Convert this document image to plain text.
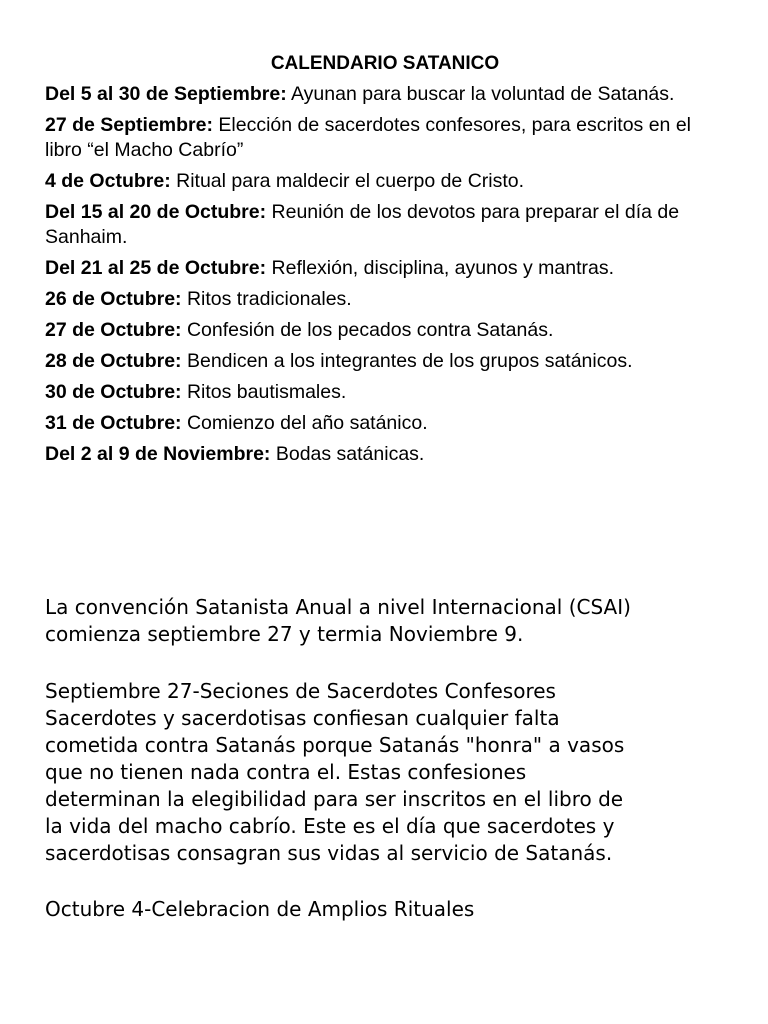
CALENDARIO SATANICO
Del 5 al 30 de Septiembre: Ayunan para buscar la voluntad de Satanás.
27 de Septiembre: Elección de sacerdotes confesores, para escritos en el libro “el Macho Cabrío”
4 de Octubre: Ritual para maldecir el cuerpo de Cristo.
Del 15 al 20 de Octubre: Reunión de los devotos para preparar el día de Sanhaim.
Del 21 al 25 de Octubre: Reflexión, disciplina, ayunos y mantras.
26 de Octubre: Ritos tradicionales.
27 de Octubre: Confesión de los pecados contra Satanás.
28 de Octubre: Bendicen a los integrantes de los grupos satánicos.
30 de Octubre: Ritos bautismales.
31 de Octubre: Comienzo del año satánico.
Del 2 al 9 de Noviembre: Bodas satánicas.

La convención Satanista Anual a nivel Internacional (CSAI)
comienza septiembre 27 y termia Noviembre 9.

Septiembre 27-Seciones de Sacerdotes Confesores
Sacerdotes y sacerdotisas confiesan cualquier falta
cometida contra Satanás porque Satanás "honra" a vasos
que no tienen nada contra el. Estas confesiones
determinan la elegibilidad para ser inscritos en el libro de
la vida del macho cabrío. Este es el día que sacerdotes y
sacerdotisas consagran sus vidas al servicio de Satanás.

Octubre 4-Celebracion de Amplios Rituales
